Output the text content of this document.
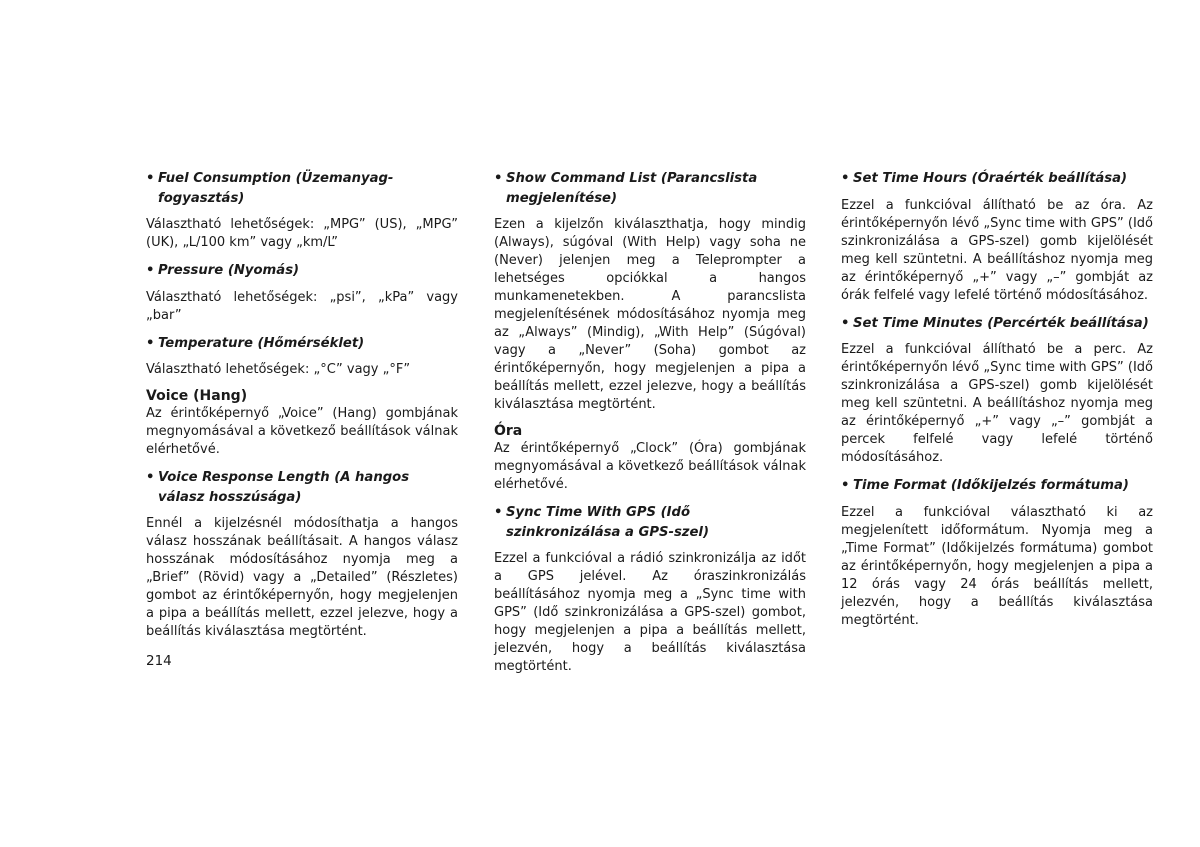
• Fuel Consumption (Üzemanyag-fogyasztás)
Választható lehetőségek: „MPG” (US), „MPG” (UK), „L/100 km” vagy „km/L”
• Pressure (Nyomás)
Választható lehetőségek: „psi”, „kPa” vagy „bar”
• Temperature (Hőmérséklet)
Választható lehetőségek: „°C” vagy „°F”
Voice (Hang)
Az érintőképernyő „Voice” (Hang) gombjának megnyomásával a következő beállítások válnak elérhetővé.
• Voice Response Length (A hangos válasz hosszúsága)
Ennél a kijelzésnél módosíthatja a hangos válasz hosszának beállításait. A hangos válasz hosszának módosításához nyomja meg a „Brief” (Rövid) vagy a „Detailed” (Részletes) gombot az érintőképernyőn, hogy megjelenjen a pipa a beállítás mellett, ezzel jelezve, hogy a beállítás kiválasztása megtörtént.
• Show Command List (Parancslista megjelenítése)
Ezen a kijelzőn kiválaszthatja, hogy mindig (Always), súgóval (With Help) vagy soha ne (Never) jelenjen meg a Teleprompter a lehetséges opciókkal a hangos munkamenetekben. A parancslista megjelenítésének módosításához nyomja meg az „Always” (Mindig), „With Help” (Súgóval) vagy a „Never” (Soha) gombot az érintőképernyőn, hogy megjelenjen a pipa a beállítás mellett, ezzel jelezve, hogy a beállítás kiválasztása megtörtént.
Óra
Az érintőképernyő „Clock” (Óra) gombjának megnyomásával a következő beállítások válnak elérhetővé.
• Sync Time With GPS (Idő szinkronizálása a GPS-szel)
Ezzel a funkcióval a rádió szinkronizálja az időt a GPS jelével. Az óraszinkronizálás beállításához nyomja meg a „Sync time with GPS” (Idő szinkronizálása a GPS-szel) gombot, hogy megjelenjen a pipa a beállítás mellett, jelezvén, hogy a beállítás kiválasztása megtörtént.
• Set Time Hours (Óraérték beállítása)
Ezzel a funkcióval állítható be az óra. Az érintőképernyőn lévő „Sync time with GPS” (Idő szinkronizálása a GPS-szel) gomb kijelölését meg kell szüntetni. A beállításhoz nyomja meg az érintőképernyő „+” vagy „–” gombját az órák felfelé vagy lefelé történő módosításához.
• Set Time Minutes (Percérték beállítása)
Ezzel a funkcióval állítható be a perc. Az érintőképernyőn lévő „Sync time with GPS” (Idő szinkronizálása a GPS-szel) gomb kijelölését meg kell szüntetni. A beállításhoz nyomja meg az érintőképernyő „+” vagy „–” gombját a percek felfelé vagy lefelé történő módosításához.
• Time Format (Időkijelzés formátuma)
Ezzel a funkcióval választható ki az megjelenített időformátum. Nyomja meg a „Time Format” (Időkijelzés formátuma) gombot az érintőképernyőn, hogy megjelenjen a pipa a 12 órás vagy 24 órás beállítás mellett, jelezvén, hogy a beállítás kiválasztása megtörtént.
214
